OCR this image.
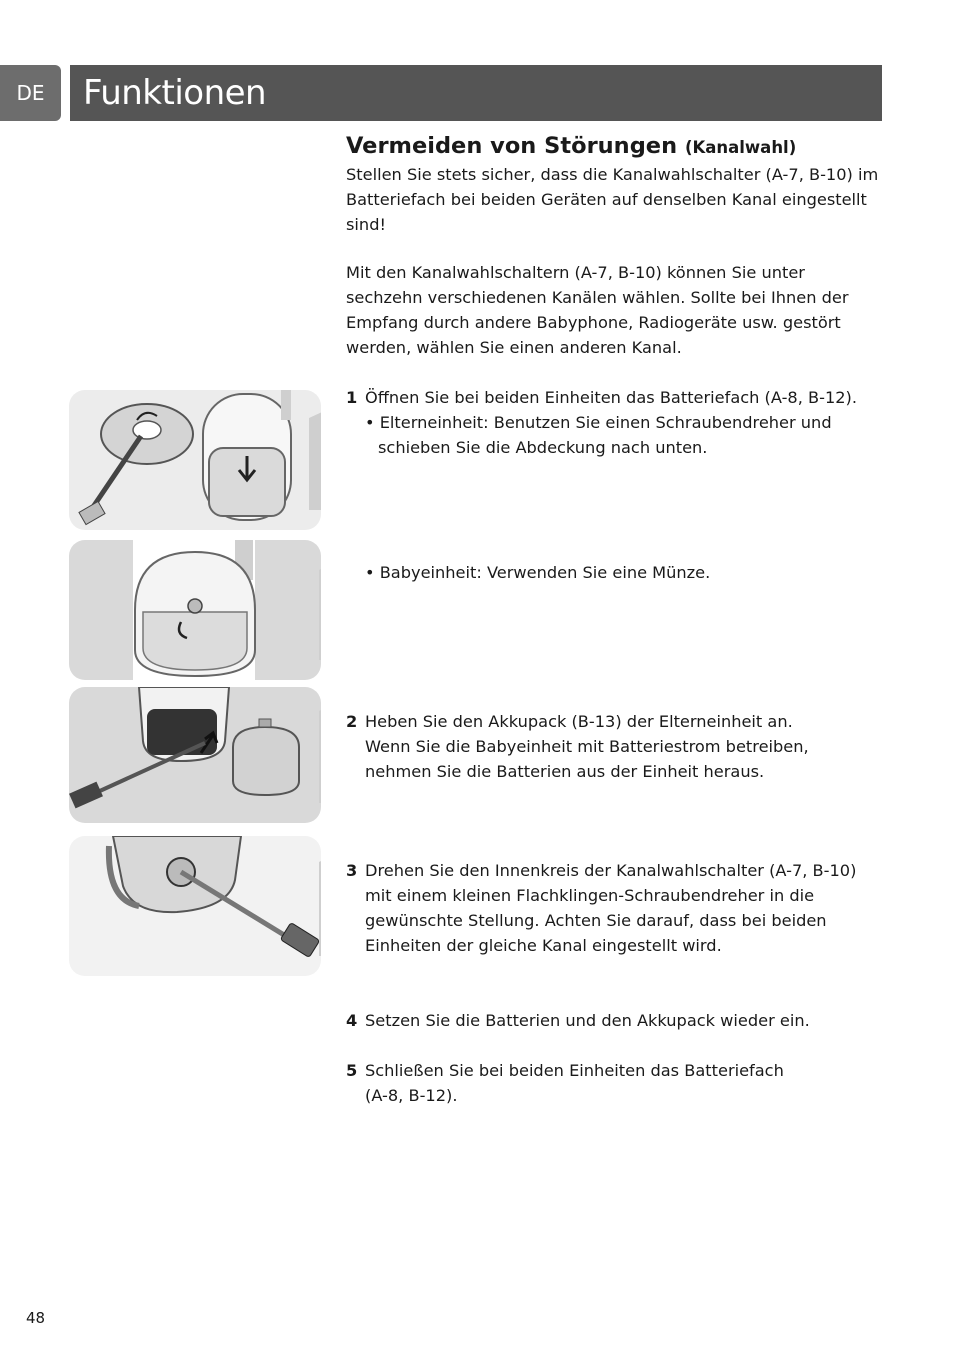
DE	Funktionen
Vermeiden von Störungen (Kanalwahl)

Stellen Sie stets sicher, dass die Kanalwahlschalter (A-7, B-10) im

Batteriefach bei beiden Geräten auf denselben Kanal eingestellt

sind!

Mit den Kanalwahlschaltern (A-7, B-10) können Sie unter

sechzehn verschiedenen Kanälen wählen. Sollte bei Ihnen der

Empfang durch andere Babyphone, Radiogeräte usw. gestört

werden, wählen Sie einen anderen Kanal.

1 Öffnen Sie bei beiden Einheiten das Batteriefach (A-8, B-12).

• Elterneinheit: Benutzen Sie einen Schraubendreher und

schieben Sie die Abdeckung nach unten.

• Babyeinheit: Verwenden Sie eine Münze.

2 Heben Sie den Akkupack (B-13) der Elterneinheit an.

Wenn Sie die Babyeinheit mit Batteriestrom betreiben,

nehmen Sie die Batterien aus der Einheit heraus.

3 Drehen Sie den Innenkreis der Kanalwahlschalter (A-7, B-10)

mit einem kleinen Flachklingen-Schraubendreher in die

gewünschte Stellung. Achten Sie darauf, dass bei beiden

Einheiten der gleiche Kanal eingestellt wird.

4 Setzen Sie die Batterien und den Akkupack wieder ein.

5 Schließen Sie bei beiden Einheiten das Batteriefach

(A-8, B-12).

48
